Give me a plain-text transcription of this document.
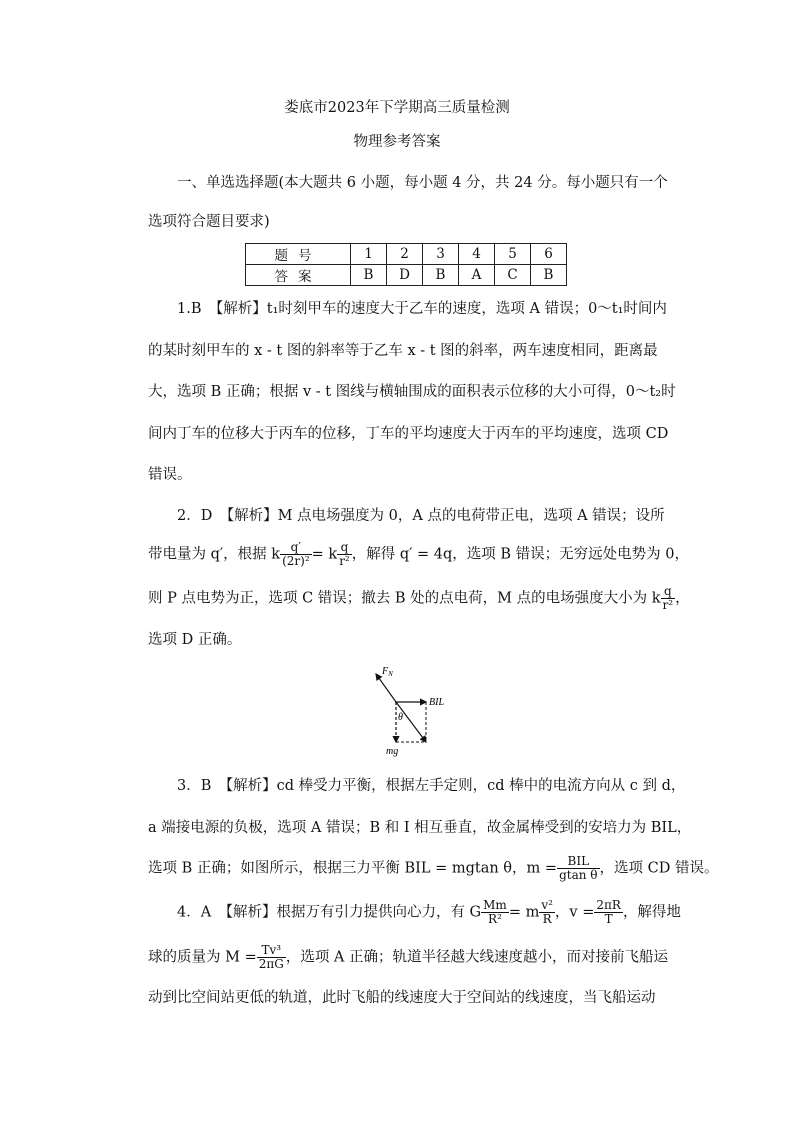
娄底市2023年下学期高三质量检测
物理参考答案
一、单选选择题(本大题共 6 小题，每小题 4 分，共 24 分。每小题只有一个
选项符合题目要求)
题号	1	2	3	4	5	6
答案	B	D	B	A	C	B
1.B　【解析】t₁时刻甲车的速度大于乙车的速度，选项 A 错误；0～t₁时间内
的某时刻甲车的 x - t 图的斜率等于乙车 x - t 图的斜率，两车速度相同，距离最
大，选项 B 正确；根据 v - t 图线与横轴围成的面积表示位移的大小可得，0～t₂时
间内丁车的位移大于丙车的位移，丁车的平均速度大于丙车的平均速度，选项 CD
错误。
2．D　【解析】M 点电场强度为 0，A 点的电荷带正电，选项 A 错误；设所
带电量为 q′，根据 k $\frac{q'}{\text{(2r)²}} = k \frac{q}{\text{r²}}$ ，解得 q′ = 4q，选项 B 错误；无穷远处电势为 0，
则 P 点电势为正，选项 C 错误；撤去 B 处的点电荷，M 点的电场强度大小为 k $\frac{q}{\text{r²}}$ ，
选项 D 正确。
$F_N$
BIL
θ
mg
3．B　【解析】cd 棒受力平衡，根据左手定则，cd 棒中的电流方向从 c 到 d，
a 端接电源的负极，选项 A 错误；B 和 I 相互垂直，故金属棒受到的安培力为 BIL，
选项 B 正确；如图所示，根据三力平衡 BIL = mgtan θ，$m = \frac{\text{BIL}}{\text{gtan θ}}$ ，选项 CD 错误。
4．A　【解析】根据万有引力提供向心力，有 G $\frac{Mm}{\text{R²}} = m \frac{\text{v²}}{R}$ ，$v = \frac{2\pi R}{T}$ ，解得地
球的质量为 $M = \frac{\text{Tv³}}{2\pi G}$ ，选项 A 正确；轨道半径越大线速度越小，而对接前飞船运
动到比空间站更低的轨道，此时飞船的线速度大于空间站的线速度，当飞船运动
